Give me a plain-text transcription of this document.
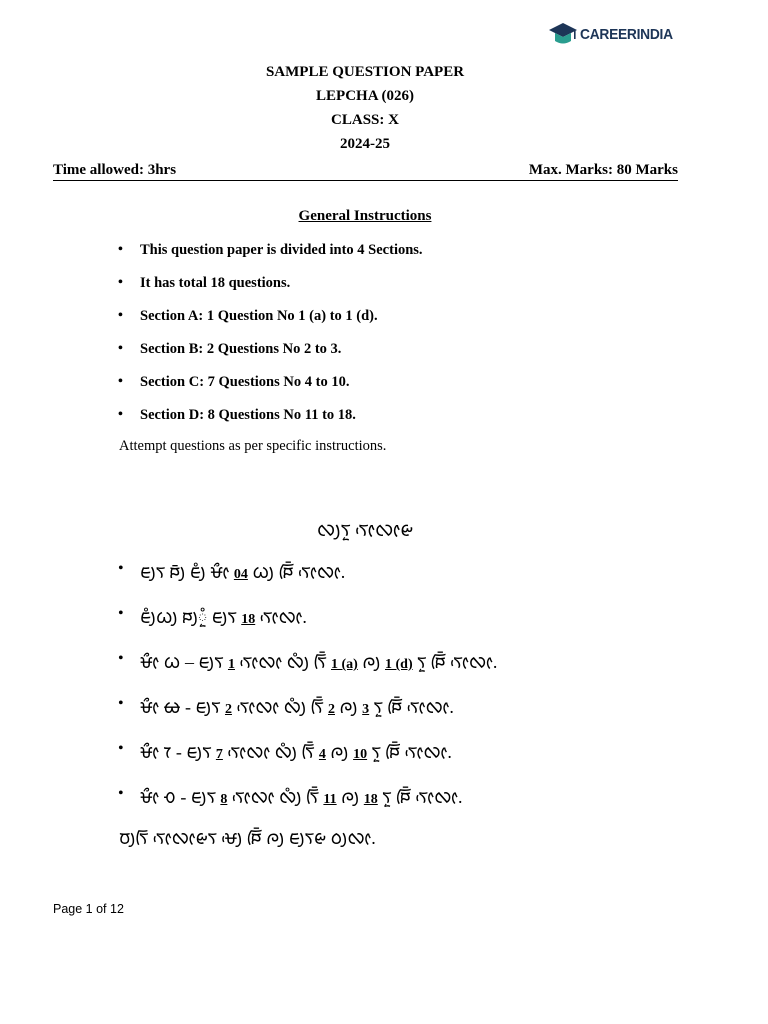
CAREERINDIA
SAMPLE QUESTION PAPER
LEPCHA (026)
CLASS: X
2024-25
Time allowed: 3hrs	Max. Marks: 80 Marks
General Instructions
• This question paper is divided into 4 Sections.
• It has total 18 questions.
• Section A: 1 Question No 1 (a) to 1 (d).
• Section B: 2 Questions No 2 to 3.
• Section C: 7 Questions No 4 to 10.
• Section D: 8 Questions No 11 to 18.
Attempt questions as per specific instructions.
ᰜᰪᰛᰬ ᰛᰦᰵᰜᰦᰡ
• ᰀᰪᰛ ᰐᰪᰳ ᰀᰪᰱ ᰝᰦᰰ 04 ᰃᰪ ᰐᰩᰳ ᰛᰦᰵᰜᰦ.
• ᰀᰪᰱᰃᰪ ᰐᰪᰬᰱ ᰀᰪᰛ 18 ᰛᰦᰵᰜᰦ.
• ᰝᰦᰰ ᰃ – ᰀᰪᰛ 1 ᰛᰦᰵᰜᰦ ᰜᰪᰱ ᰛᰩᰳ 1 (a) ᰍᰪ 1 (d) ᰛᰬ ᰐᰩᰳ ᰛᰦᰵᰜᰦ.
• ᰝᰦᰰ ᰄ - ᰀᰪᰛ 2 ᰛᰦᰵᰜᰦ ᰜᰪᰱ ᰛᰩᰳ 2 ᰍᰪ 3 ᰛᰬ ᰐᰩᰳ ᰛᰦᰵᰜᰦ.
• ᰝᰦᰰ ᰅ - ᰀᰪᰛ 7 ᰛᰦᰵᰜᰦ ᰜᰪᰱ ᰛᰩᰳ 4 ᰍᰪ 10 ᰛᰬ ᰐᰩᰳ ᰛᰦᰵᰜᰦ.
• ᰝᰦᰰ ᰆ - ᰀᰪᰛ 8 ᰛᰦᰵᰜᰦ ᰜᰪᰱ ᰛᰩᰳ 11 ᰍᰪ 18 ᰛᰬ ᰐᰩᰳ ᰛᰦᰵᰜᰦ.
ᰗᰪᰛᰩ ᰛᰦᰵᰜᰦᰡᰛ ᰝᰪᰵ ᰐᰩᰳ ᰍᰪ ᰀᰪᰛᰡ ᰓᰪᰜᰦ.
Page 1 of 12
